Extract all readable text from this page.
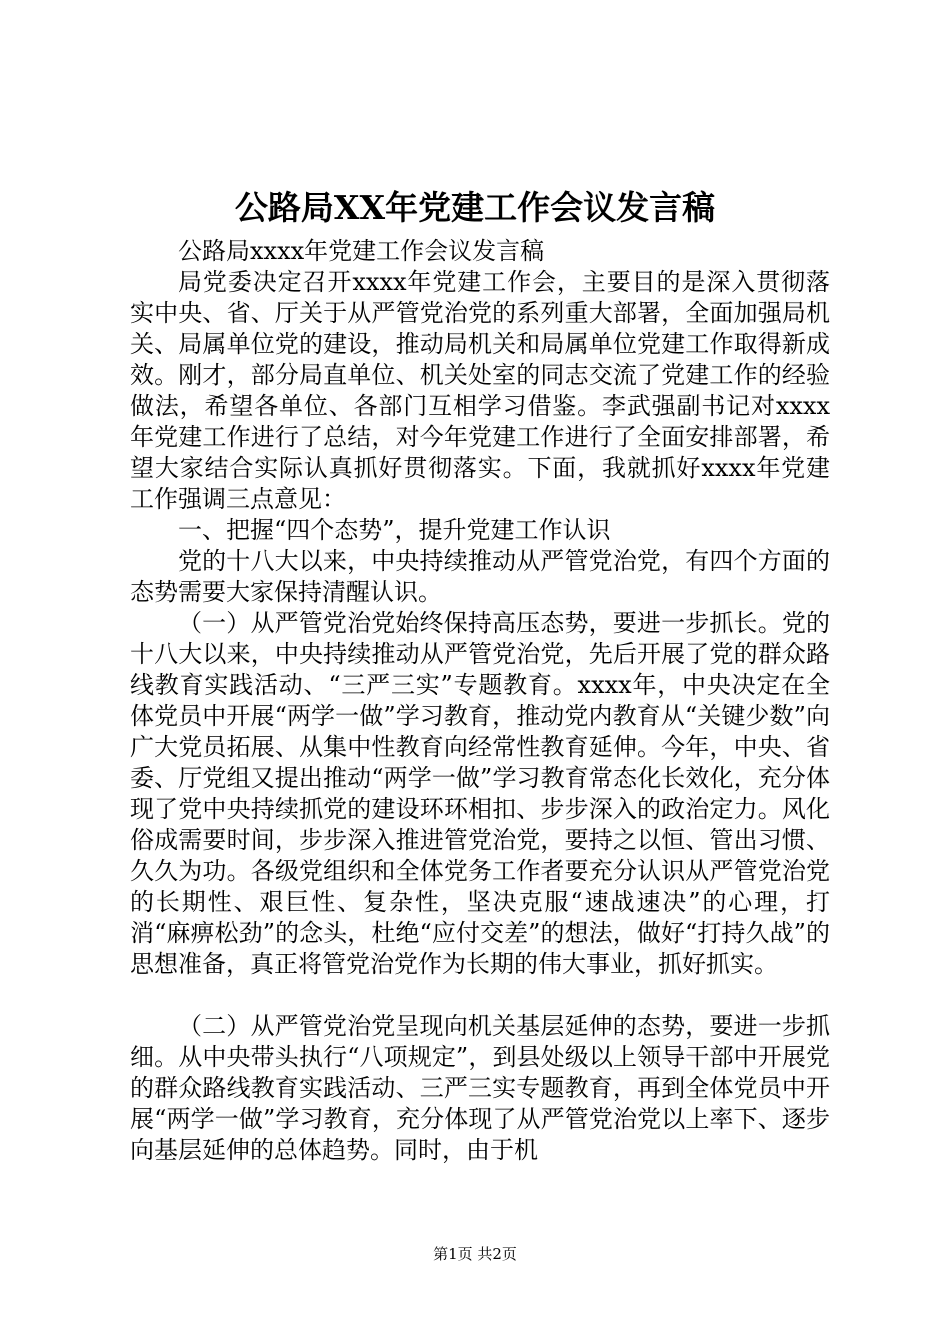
公路局XX年党建工作会议发言稿

公路局xxxx年党建工作会议发言稿

局党委决定召开xxxx年党建工作会，主要目的是深入贯彻落实中央、省、厅关于从严管党治党的系列重大部署，全面加强局机关、局属单位党的建设，推动局机关和局属单位党建工作取得新成效。刚才，部分局直单位、机关处室的同志交流了党建工作的经验做法，希望各单位、各部门互相学习借鉴。李武强副书记对xxxx年党建工作进行了总结，对今年党建工作进行了全面安排部署，希望大家结合实际认真抓好贯彻落实。下面，我就抓好xxxx年党建工作强调三点意见：

一、把握“四个态势”，提升党建工作认识

党的十八大以来，中央持续推动从严管党治党，有四个方面的态势需要大家保持清醒认识。

（一）从严管党治党始终保持高压态势，要进一步抓长。党的十八大以来，中央持续推动从严管党治党，先后开展了党的群众路线教育实践活动、“三严三实”专题教育。xxxx年，中央决定在全体党员中开展“两学一做”学习教育，推动党内教育从“关键少数”向广大党员拓展、从集中性教育向经常性教育延伸。今年，中央、省委、厅党组又提出推动“两学一做”学习教育常态化长效化，充分体现了党中央持续抓党的建设环环相扣、步步深入的政治定力。风化俗成需要时间，步步深入推进管党治党，要持之以恒、管出习惯、久久为功。各级党组织和全体党务工作者要充分认识从严管党治党的长期性、艰巨性、复杂性，坚决克服“速战速决”的心理，打消“麻痹松劲”的念头，杜绝“应付交差”的想法，做好“打持久战”的思想准备，真正将管党治党作为长期的伟大事业，抓好抓实。

（二）从严管党治党呈现向机关基层延伸的态势，要进一步抓细。从中央带头执行“八项规定”，到县处级以上领导干部中开展党的群众路线教育实践活动、三严三实专题教育，再到全体党员中开展“两学一做”学习教育，充分体现了从严管党治党以上率下、逐步向基层延伸的总体趋势。同时，由于机

第1页 共2页
